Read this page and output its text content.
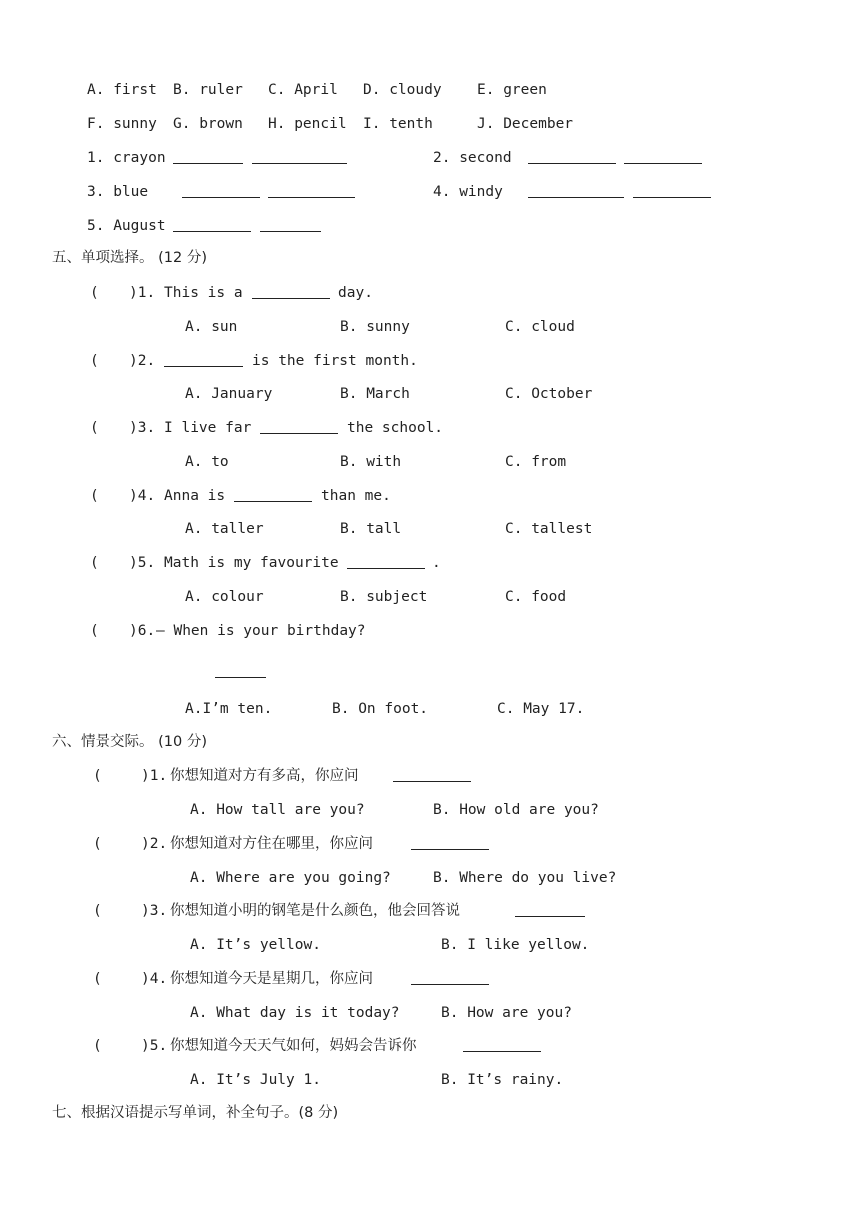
A. first B. ruler C. April D. cloudy E. green
F. sunny G. brown H. pencil I. tenth	J. December
1. crayon	2. second
3. blue	4. windy
5. August
五、单项选择。 (12 分)
( )1. This is a	day.
A. sun	B. sunny	C. cloud
( )2.	is the first month.
A. January	B. March	C. October
( )3. I live far	the school.
A. to	B. with	C. from
( )4. Anna is	than me.
A. taller	B. tall	C. tallest
( )5. Math is my favourite	.
A. colour	B. subject	C. food
( )6. — When is your birthday?
A.I’m ten.	B. On foot.	C. May 17.
六、情景交际。 (10 分)
(	)1. 你想知道对方有多高，你应问
A. How tall are you?	B. How old are you?
(	)2. 你想知道对方住在哪里，你应问
A. Where are you going?	B. Where do you live?
(	)3. 你想知道小明的钢笔是什么颜色，他会回答说
A. It’s yellow.	B. I like yellow.
(	)4. 你想知道今天是星期几，你应问
A. What day is it today?	B. How are you?
(	)5. 你想知道今天天气如何，妈妈会告诉你
A. It’s July 1.	B. It’s rainy.
七、根据汉语提示写单词，补全句子。(8 分)
